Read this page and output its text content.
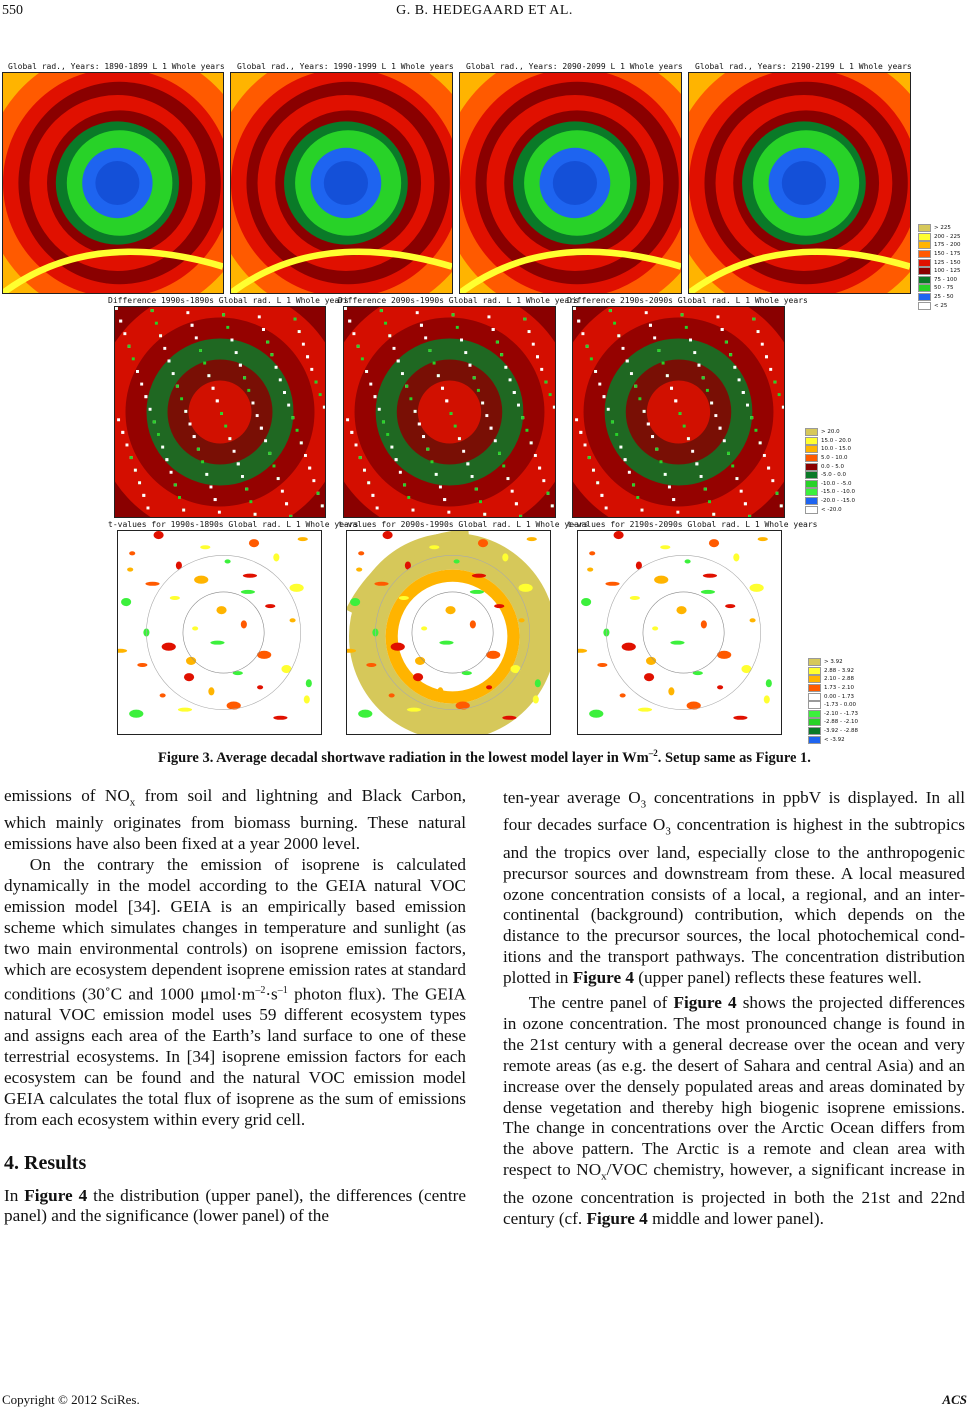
550	G. B. HEDEGAARD ET AL.
Global rad., Years: 1890-1899 L 1 Whole years Global rad., Years: 1990-1999 L 1 Whole years Global rad., Years: 2090-2099 L 1 Whole years Global rad., Years: 2190-2199 L 1 Whole years
> 225
200 - 225
175 - 200
150 - 175
125 - 150
100 - 125
75 - 100
50 - 75
25 - 50
< 25
Difference 1990s-1890s Global rad. L 1 Whole years
Difference 2090s-1990s Global rad. L 1 Whole years
Difference 2190s-2090s Global rad. L 1 Whole years
> 20.0
15.0 - 20.0
10.0 - 15.0
5.0 - 10.0
0.0 - 5.0
-5.0 - 0.0
-10.0 - -5.0
-15.0 - -10.0
-20.0 - -15.0
< -20.0
t-values for 1990s-1890s Global rad. L 1 Whole years
t-values for 2090s-1990s Global rad. L 1 Whole years
t-values for 2190s-2090s Global rad. L 1 Whole years
> 3.92
2.88 - 3.92
2.10 - 2.88
1.73 - 2.10
0.00 - 1.73
-1.73 - 0.00
-2.10 - -1.73
-2.88 - -2.10
-3.92 - -2.88
< -3.92
Figure 3. Average decadal shortwave radiation in the lowest model layer in $Wm^{-2}$. Setup same as Figure 1.

emissions of $NO_x$ from soil and lightning and Black Carbon, which mainly originates from biomass burning. These natural emissions have also been fixed at a year 2000 level.

On the contrary the emission of isoprene is calculated dynamically in the model according to the GEIA natural VOC emission model [34]. GEIA is an empirically based emission scheme which simulates changes in temperature and sunlight (as two main environmental controls) on isoprene emission factors, which are ecosystem dependent isoprene emission rates at standard conditions (30˚C and 1000 $\mu mol\cdot m^{-2}\cdot s^{-1}$ photon flux). The GEIA natural VOC emission model uses 59 different ecosystem types and assigns each area of the Earth’s land surface to one of these terrestrial ecosystems. In [34] isoprene emission factors for each ecosystem can be found and the natural VOC emission model GEIA calculates the total flux of isoprene as the sum of emissions from each ecosystem within every grid cell.

4. Results

In Figure 4 the distribution (upper panel), the differences (centre panel) and the significance (lower panel) of the

ten-year average $O_3$ concentrations in ppbV is displayed. In all four decades surface $O_3$ concentration is highest in the subtropics and the tropics over land, especially close to the anthropogenic precursor sources and downstream from these. A local measured ozone concentration consists of a local, a regional, and an inter-continental (background) contribution, which depends on the distance to the precursor sources, the local photochemical cond- itions and the transport pathways. The concentration distribution plotted in Figure 4 (upper panel) reflects these features well.

The centre panel of Figure 4 shows the projected differences in ozone concentration. The most pronounced change is found in the 21st century with a general decrease over the ocean and very remote areas (as e.g. the desert of Sahara and central Asia) and an increase over the densely populated areas and areas dominated by dense vegetation and thereby high biogenic isoprene emissions. The change in concentrations over the Arctic Ocean differs from the above pattern. The Arctic is a remote and clean area with respect to $NO_x$/VOC chemistry, however, a significant increase in the ozone concentration is projected in both the 21st and 22nd century (cf. Figure 4 middle and lower panel).

Copyright © 2012 SciRes.	ACS
